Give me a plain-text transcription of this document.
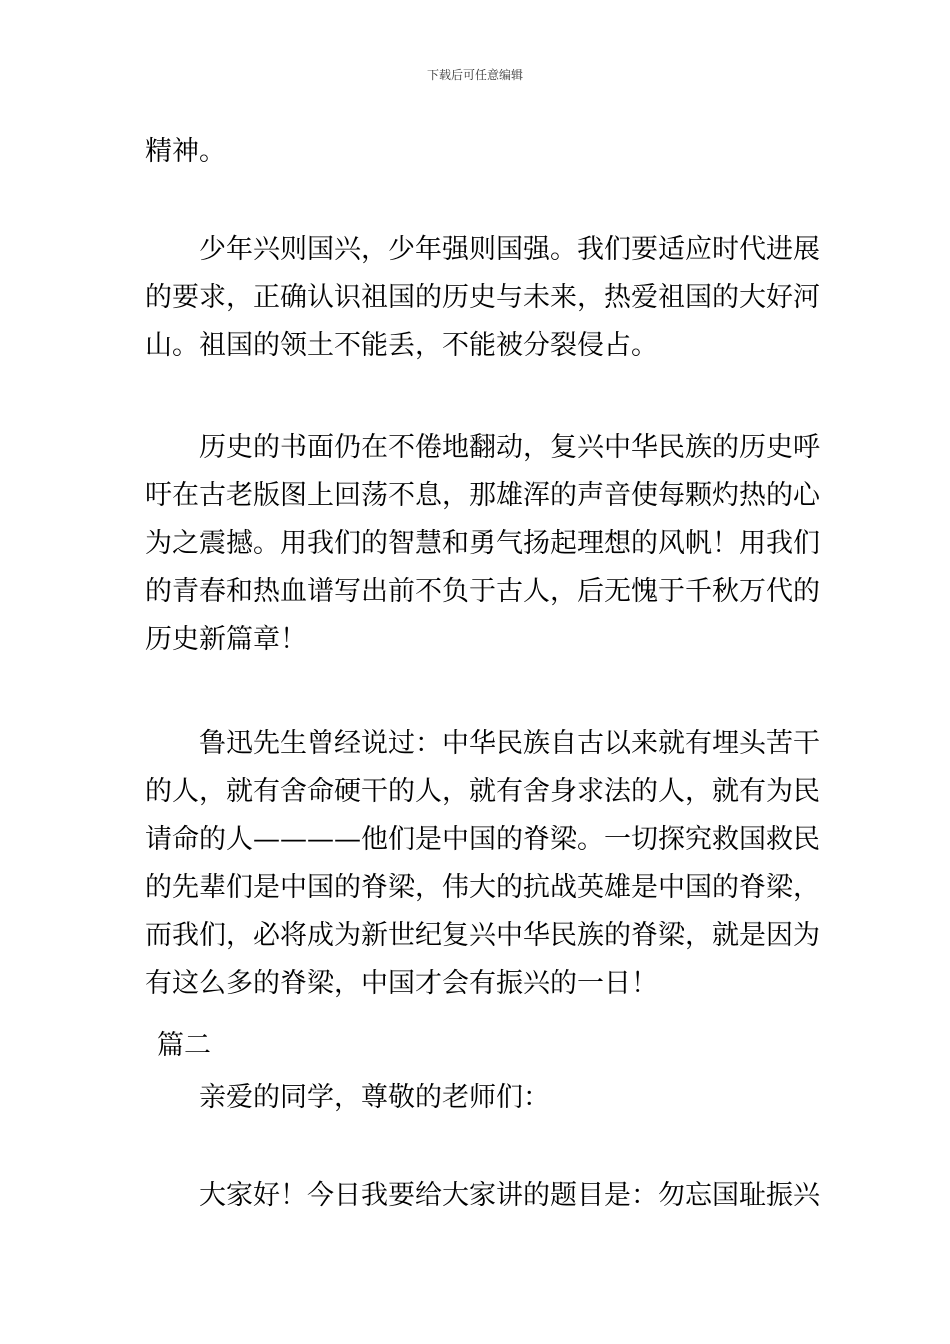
下载后可任意编辑
精神。
少年兴则国兴，少年强则国强。我们要适应时代进展
的要求，正确认识祖国的历史与未来，热爱祖国的大好河
山。祖国的领土不能丢，不能被分裂侵占。
历史的书面仍在不倦地翻动，复兴中华民族的历史呼
吁在古老版图上回荡不息，那雄浑的声音使每颗灼热的心
为之震撼。用我们的智慧和勇气扬起理想的风帆！用我们
的青春和热血谱写出前不负于古人，后无愧于千秋万代的
历史新篇章！
鲁迅先生曾经说过：中华民族自古以来就有埋头苦干
的人，就有舍命硬干的人，就有舍身求法的人，就有为民
请命的人————他们是中国的脊梁。一切探究救国救民
的先辈们是中国的脊梁，伟大的抗战英雄是中国的脊梁，
而我们，必将成为新世纪复兴中华民族的脊梁，就是因为
有这么多的脊梁，中国才会有振兴的一日！
篇二
亲爱的同学，尊敬的老师们：
大家好！今日我要给大家讲的题目是：勿忘国耻振兴
